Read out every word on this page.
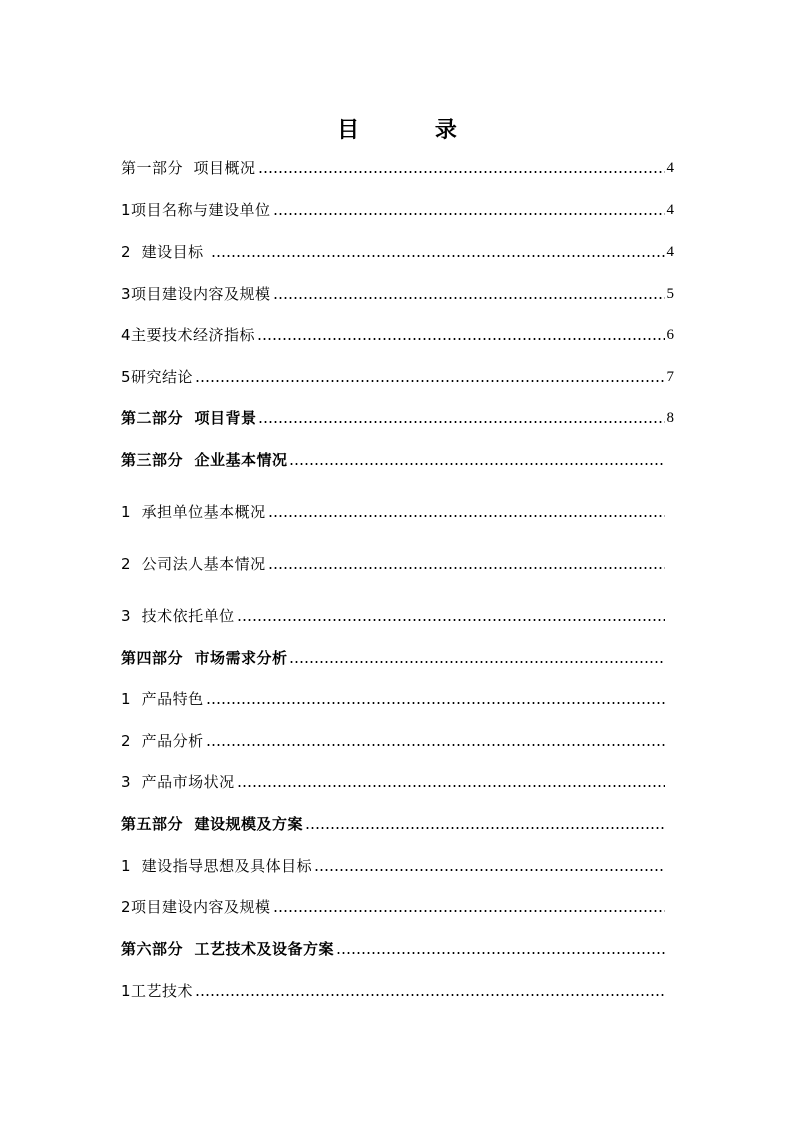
目 录
第一部分  项目概况	4
1项目名称与建设单位	4
2  建设目标	4
3项目建设内容及规模	5
4主要技术经济指标	6
5研究结论	7
第二部分  项目背景	8
第三部分  企业基本情况
1  承担单位基本概况
2  公司法人基本情况
3  技术依托单位
第四部分  市场需求分析
1  产品特色
2  产品分析
3  产品市场状况
第五部分  建设规模及方案
1  建设指导思想及具体目标
2项目建设内容及规模
第六部分  工艺技术及设备方案
1工艺技术
